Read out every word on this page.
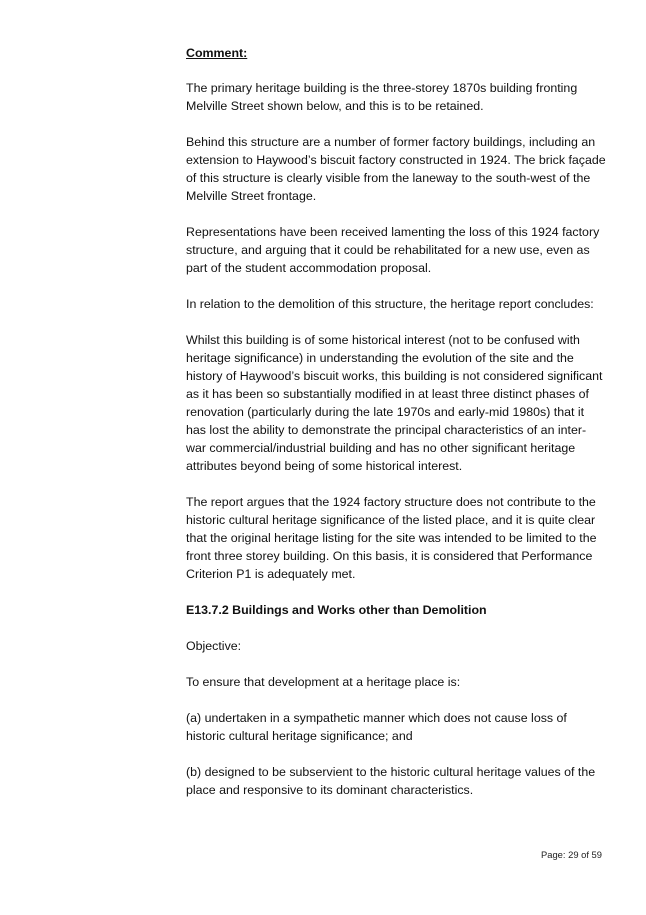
Comment:

The primary heritage building is the three-storey 1870s building fronting Melville Street shown below, and this is to be retained.

Behind this structure are a number of former factory buildings, including an extension to Haywood’s biscuit factory constructed in 1924. The brick façade of this structure is clearly visible from the laneway to the south-west of the Melville Street frontage.

Representations have been received lamenting the loss of this 1924 factory structure, and arguing that it could be rehabilitated for a new use, even as part of the student accommodation proposal.

In relation to the demolition of this structure, the heritage report concludes:

Whilst this building is of some historical interest (not to be confused with heritage significance) in understanding the evolution of the site and the history of Haywood’s biscuit works, this building is not considered significant as it has been so substantially modified in at least three distinct phases of renovation (particularly during the late 1970s and early-mid 1980s) that it has lost the ability to demonstrate the principal characteristics of an inter-war commercial/industrial building and has no other significant heritage attributes beyond being of some historical interest.

The report argues that the 1924 factory structure does not contribute to the historic cultural heritage significance of the listed place, and it is quite clear that the original heritage listing for the site was intended to be limited to the front three storey building. On this basis, it is considered that Performance Criterion P1 is adequately met.

E13.7.2 Buildings and Works other than Demolition

Objective:

To ensure that development at a heritage place is:

(a) undertaken in a sympathetic manner which does not cause loss of historic cultural heritage significance; and

(b) designed to be subservient to the historic cultural heritage values of the place and responsive to its dominant characteristics.

Page: 29 of 59
